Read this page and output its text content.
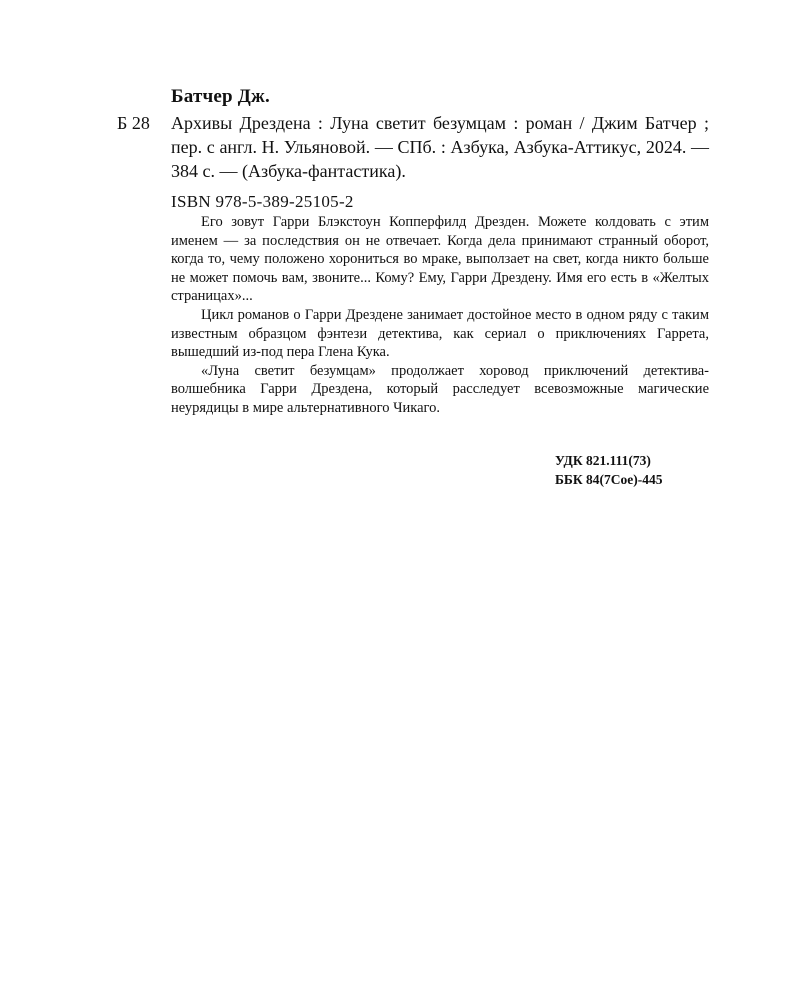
Батчер Дж.
Б 28 Архивы Дрездена : Луна светит безумцам : роман / Джим Батчер ; пер. с англ. Н. Ульяновой. — СПб. : Азбука, Азбука-Аттикус, 2024. — 384 с. — (Азбука-фантастика).
ISBN 978-5-389-25105-2

Его зовут Гарри Блэкстоун Копперфилд Дрезден. Можете колдовать с этим именем — за последствия он не отвечает. Когда дела принимают странный оборот, когда то, чему положено хорониться во мраке, выползает на свет, когда никто больше не может помочь вам, звоните... Кому? Ему, Гарри Дрездену. Имя его есть в «Желтых страницах»...

Цикл романов о Гарри Дрездене занимает достойное место в одном ряду с таким известным образцом фэнтези детектива, как сериал о приключениях Гаррета, вышедший из-под пера Глена Кука.

«Луна светит безумцам» продолжает хоровод приключений детектива-волшебника Гарри Дрездена, который расследует всевозможные магические неурядицы в мире альтернативного Чикаго.

УДК 821.111(73)
ББК 84(7Сое)-445
